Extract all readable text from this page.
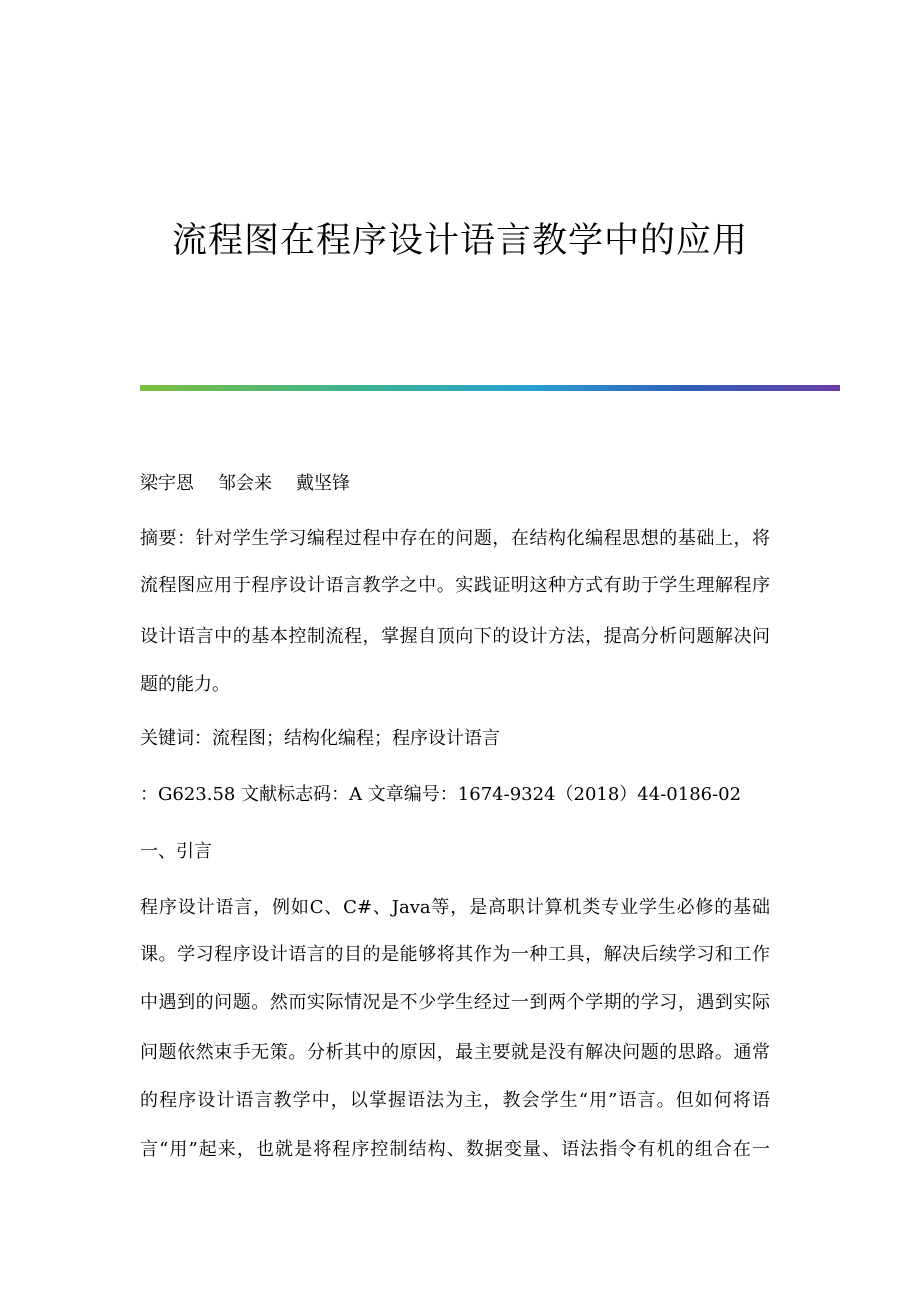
流程图在程序设计语言教学中的应用
梁宇恩 邹会来 戴坚锋
摘要：针对学生学习编程过程中存在的问题，在结构化编程思想的基础上，将
流程图应用于程序设计语言教学之中。实践证明这种方式有助于学生理解程序
设计语言中的基本控制流程，掌握自顶向下的设计方法，提高分析问题解决问
题的能力。
关键词：流程图；结构化编程；程序设计语言
：G623.58 文献标志码：A 文章编号：1674-9324（2018）44-0186-02
一、引言
程序设计语言，例如C、C#、Java等，是高职计算机类专业学生必修的基础
课。学习程序设计语言的目的是能够将其作为一种工具，解决后续学习和工作
中遇到的问题。然而实际情况是不少学生经过一到两个学期的学习，遇到实际
问题依然束手无策。分析其中的原因，最主要就是没有解决问题的思路。通常
的程序设计语言教学中，以掌握语法为主，教会学生“用”语言。但如何将语
言“用”起来，也就是将程序控制结构、数据变量、语法指令有机的组合在一
